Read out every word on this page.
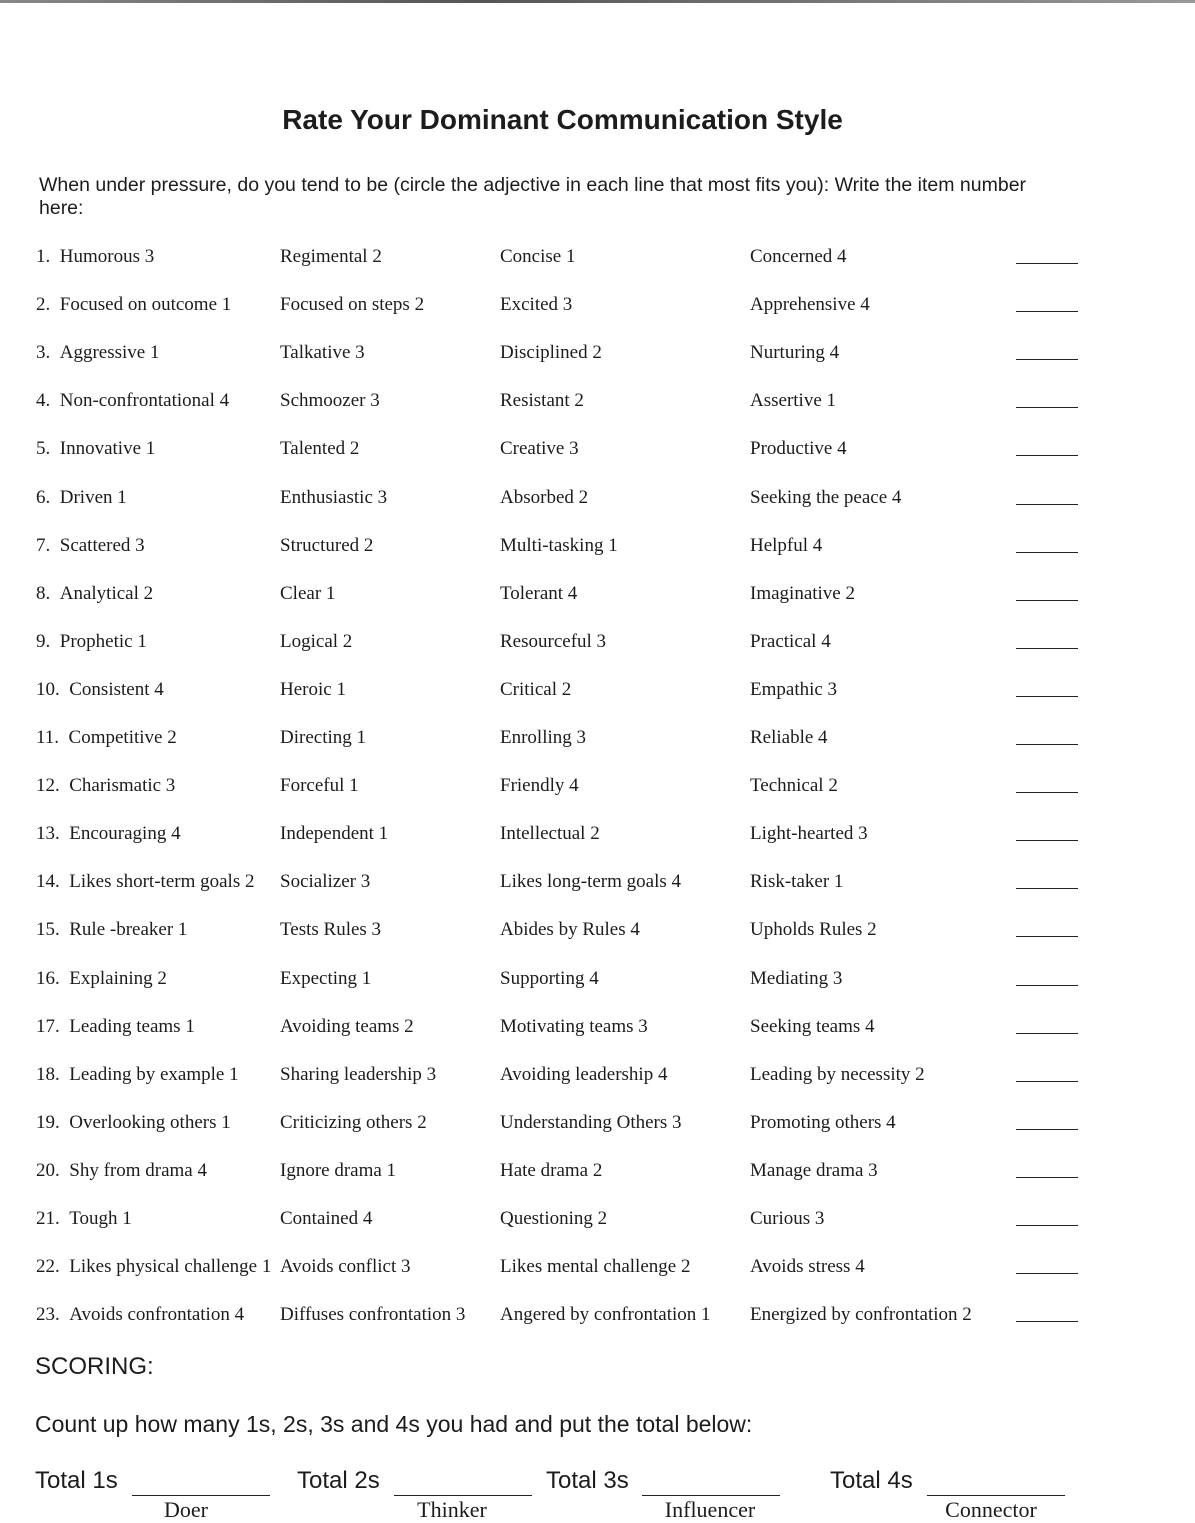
Rate Your Dominant Communication Style
When under pressure, do you tend to be (circle the adjective in each line that most fits you): Write the item number here:
1. Humorous 3	Regimental 2	Concise 1	Concerned 4
2. Focused on outcome 1	Focused on steps 2	Excited 3	Apprehensive 4
3. Aggressive 1	Talkative 3	Disciplined 2	Nurturing 4
4. Non-confrontational 4	Schmoozer 3	Resistant 2	Assertive 1
5. Innovative 1	Talented 2	Creative 3	Productive 4
6. Driven 1	Enthusiastic 3	Absorbed 2	Seeking the peace 4
7. Scattered 3	Structured 2	Multi-tasking 1	Helpful 4
8. Analytical 2	Clear 1	Tolerant 4	Imaginative 2
9. Prophetic 1	Logical 2	Resourceful 3	Practical 4
10. Consistent 4	Heroic 1	Critical 2	Empathic 3
11. Competitive 2	Directing 1	Enrolling 3	Reliable 4
12. Charismatic 3	Forceful 1	Friendly 4	Technical 2
13. Encouraging 4	Independent 1	Intellectual 2	Light-hearted 3
14. Likes short-term goals 2 Socializer 3	Likes long-term goals 4	Risk-taker 1
15. Rule -breaker 1	Tests Rules 3	Abides by Rules 4	Upholds Rules 2
16. Explaining 2	Expecting 1	Supporting 4	Mediating 3
17. Leading teams 1	Avoiding teams 2	Motivating teams 3	Seeking teams 4
18. Leading by example 1 Sharing leadership 3	Avoiding leadership 4	Leading by necessity 2
19. Overlooking others 1	Criticizing others 2	Understanding Others 3	Promoting others 4
20. Shy from drama 4	Ignore drama 1	Hate drama 2	Manage drama 3
21. Tough 1	Contained 4	Questioning 2	Curious 3
22. Likes physical challenge 1 Avoids conflict 3	Likes mental challenge 2	Avoids stress 4
23. Avoids confrontation 4 Diffuses confrontation 3 Angered by confrontation 1 Energized by confrontation 2
SCORING:
Count up how many 1s, 2s, 3s and 4s you had and put the total below:
Total 1s
Doer
Total 2s
Thinker
Total 3s
Influencer
Total 4s
Connector
